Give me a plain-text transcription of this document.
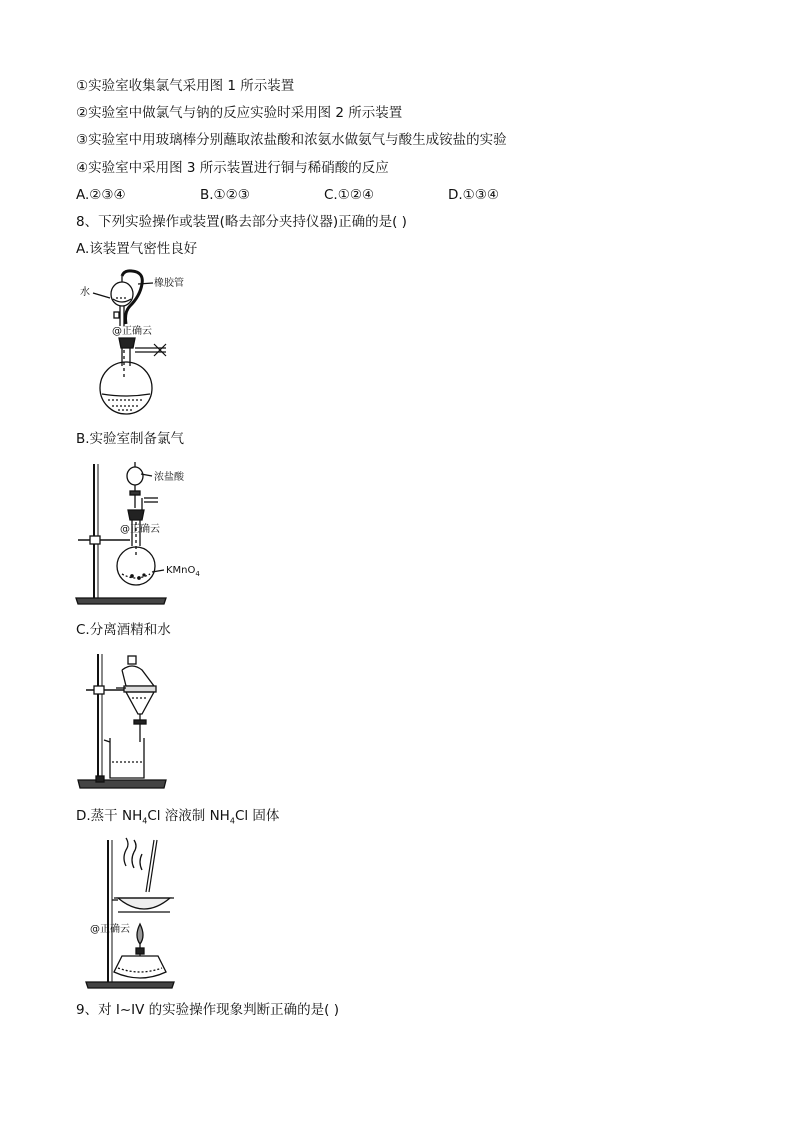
①实验室收集氯气采用图 1 所示装置
②实验室中做氯气与钠的反应实验时采用图 2 所示装置
③实验室中用玻璃棒分别蘸取浓盐酸和浓氨水做氨气与酸生成铵盐的实验
④实验室中采用图 3 所示装置进行铜与稀硝酸的反应
A.②③④	B.①②③	C.①②④	D.①③④
8、下列实验操作或装置(略去部分夹持仪器)正确的是( )
A.该装置气密性良好
水
橡胶管
@正确云
B.实验室制备氯气
浓盐酸
@正确云
KMnO$_4$
C.分离酒精和水
D.蒸干 $NH_4Cl$ 溶液制 $NH_4Cl$ 固体
@正确云
9、对 I~IV 的实验操作现象判断正确的是( )
